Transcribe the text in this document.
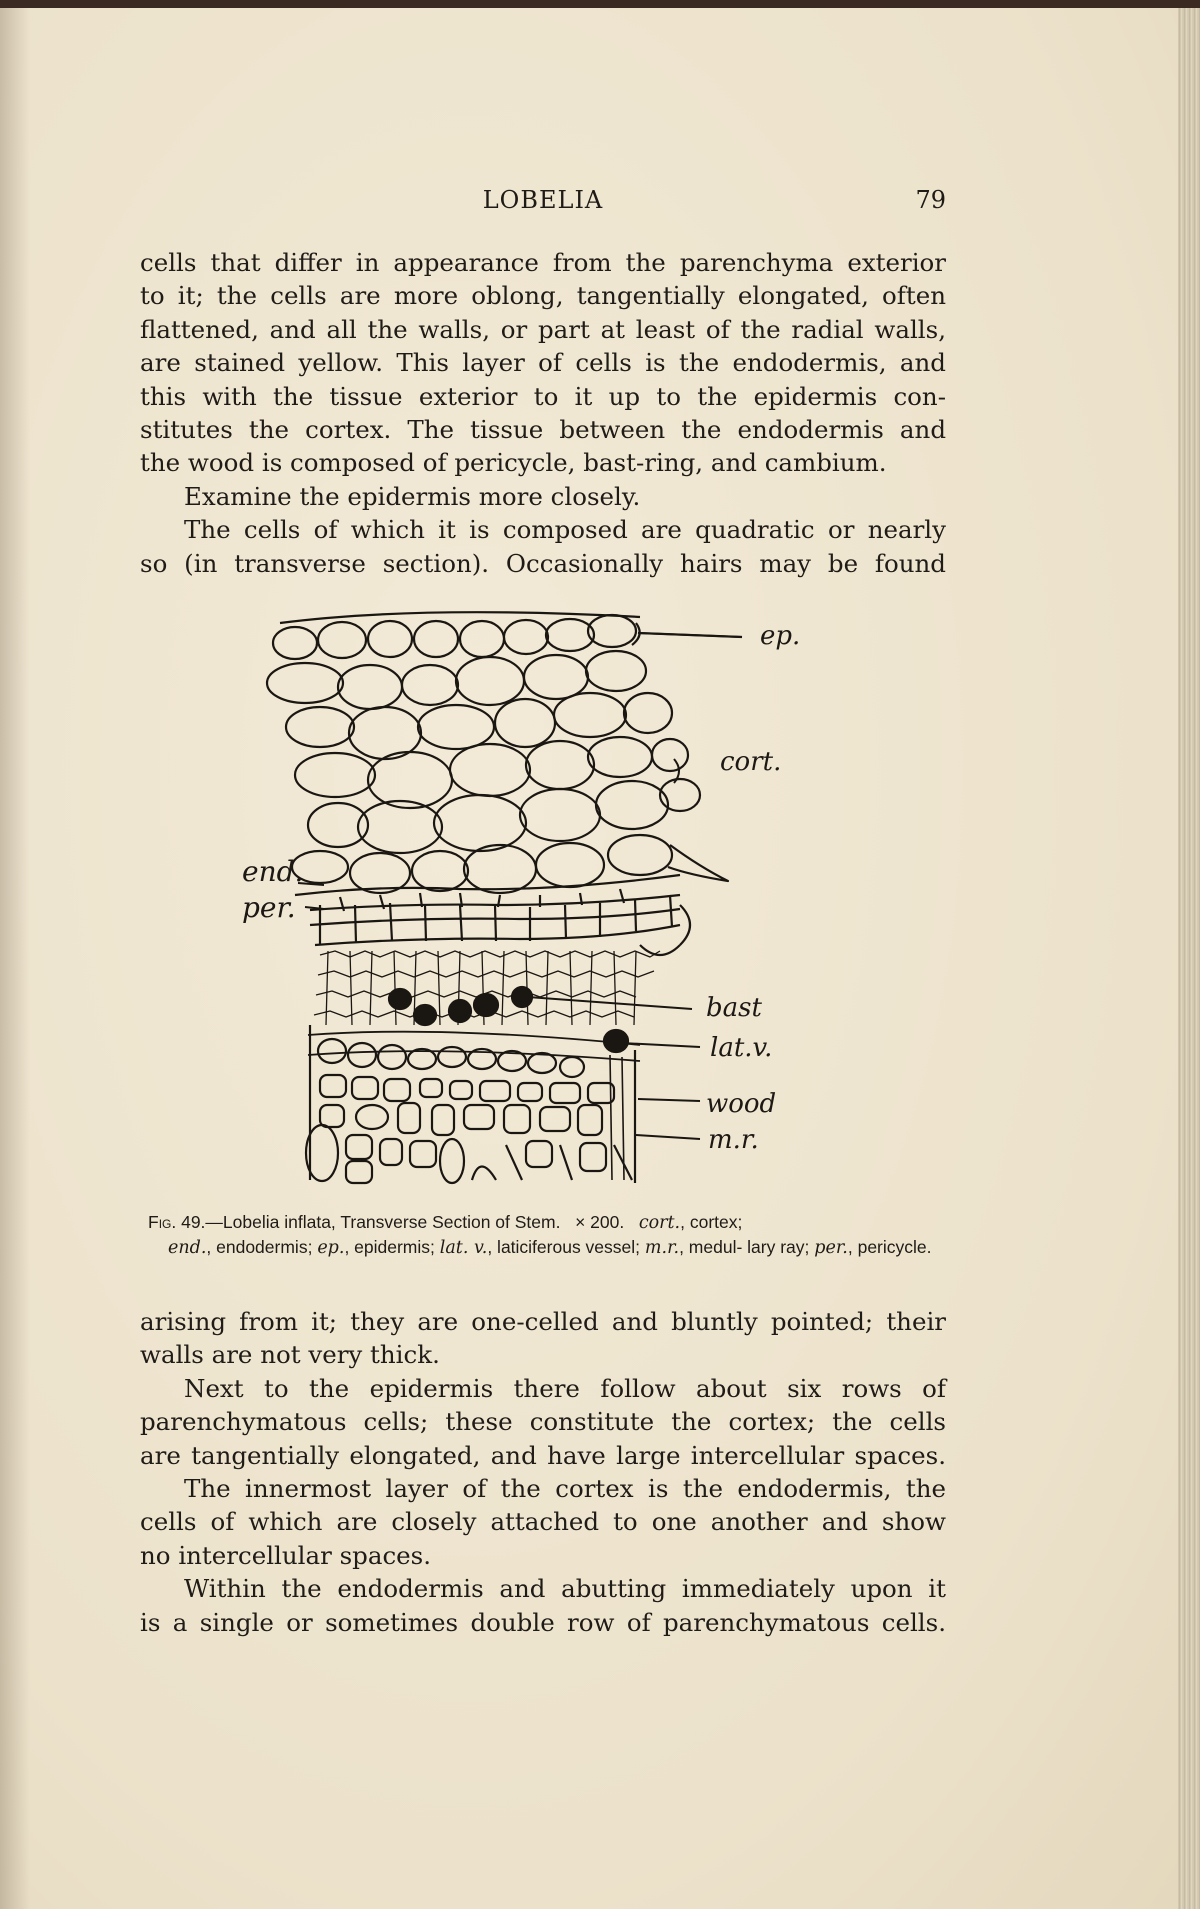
LOBELIA	79
cells that differ in appearance from the parenchyma exterior
to it; the cells are more oblong, tangentially elongated, often
flattened, and all the walls, or part at least of the radial walls,
are stained yellow. This layer of cells is the endodermis, and
this with the tissue exterior to it up to the epidermis con-
stitutes the cortex. The tissue between the endodermis and
the wood is composed of pericycle, bast-ring, and cambium.
Examine the epidermis more closely.
The cells of which it is composed are quadratic or nearly
so (in transverse section). Occasionally hairs may be found
ep.
cort.
end.
per.
bast
lat.v.
wood
m.r.
Fig. 49.—Lobelia inflata, Transverse Section of Stem. × 200. cort., cortex;
end., endodermis; ep., epidermis; lat. v., laticiferous vessel; m.r., medul- lary ray; per., pericycle.
arising from it; they are one-celled and bluntly pointed; their
walls are not very thick.
Next to the epidermis there follow about six rows of
parenchymatous cells; these constitute the cortex; the cells
are tangentially elongated, and have large intercellular spaces.
The innermost layer of the cortex is the endodermis, the
cells of which are closely attached to one another and show
no intercellular spaces.
Within the endodermis and abutting immediately upon it
is a single or sometimes double row of parenchymatous cells.
